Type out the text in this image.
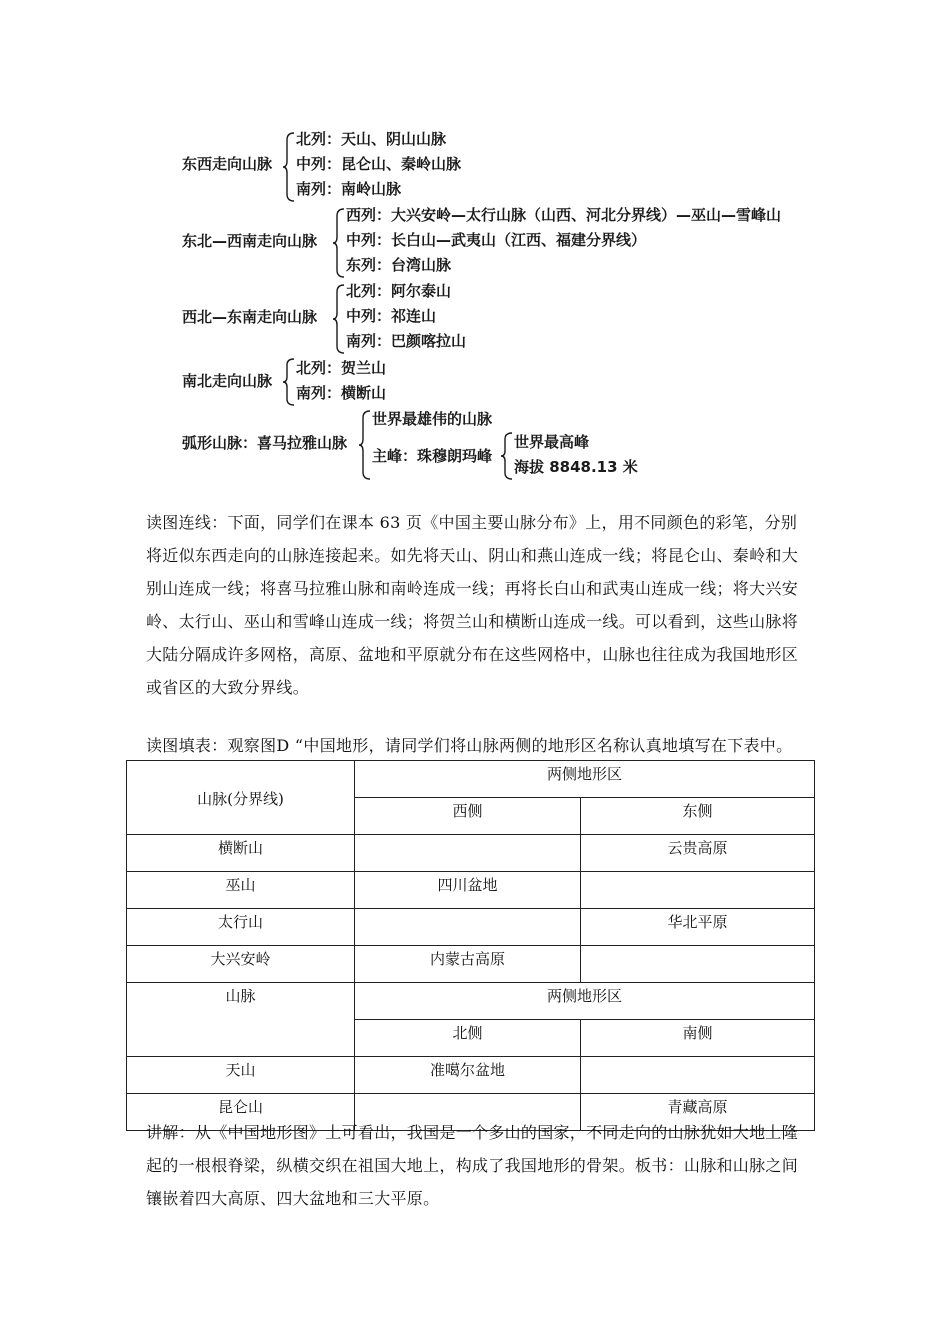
东西走向山脉
北列：天山、阴山山脉
中列：昆仑山、秦岭山脉
南列：南岭山脉
东北—西南走向山脉
西列：大兴安岭—太行山脉（山西、河北分界线）—巫山—雪峰山
中列：长白山—武夷山（江西、福建分界线）
东列：台湾山脉
西北—东南走向山脉
北列：阿尔泰山
中列：祁连山
南列：巴颜喀拉山
南北走向山脉
北列：贺兰山
南列：横断山
弧形山脉：喜马拉雅山脉
世界最雄伟的山脉
主峰：珠穆朗玛峰
世界最高峰
海拔 8848.13 米
读图连线：下面，同学们在课本 63 页《中国主要山脉分布》上，用不同颜色的彩笔，分别将近似东西走向的山脉连接起来。如先将天山、阴山和燕山连成一线；将昆仑山、秦岭和大别山连成一线；将喜马拉雅山脉和南岭连成一线；再将长白山和武夷山连成一线；将大兴安岭、太行山、巫山和雪峰山连成一线；将贺兰山和横断山连成一线。可以看到，这些山脉将大陆分隔成许多网格，高原、盆地和平原就分布在这些网格中，山脉也往往成为我国地形区或省区的大致分界线。
读图填表：观察图D “中国地形，请同学们将山脉两侧的地形区名称认真地填写在下表中。
山脉(分界线)	两侧地形区	
	西侧	东侧
横断山		云贵高原
巫山	四川盆地	
太行山		华北平原
大兴安岭	内蒙古高原	
山脉	两侧地形区	
	北侧	南侧
天山	准噶尔盆地	
昆仑山		青藏高原
讲解：从《中国地形图》上可看出，我国是一个多山的国家，不同走向的山脉犹如大地上隆起的一根根脊梁，纵横交织在祖国大地上，构成了我国地形的骨架。板书：山脉和山脉之间镶嵌着四大高原、四大盆地和三大平原。
